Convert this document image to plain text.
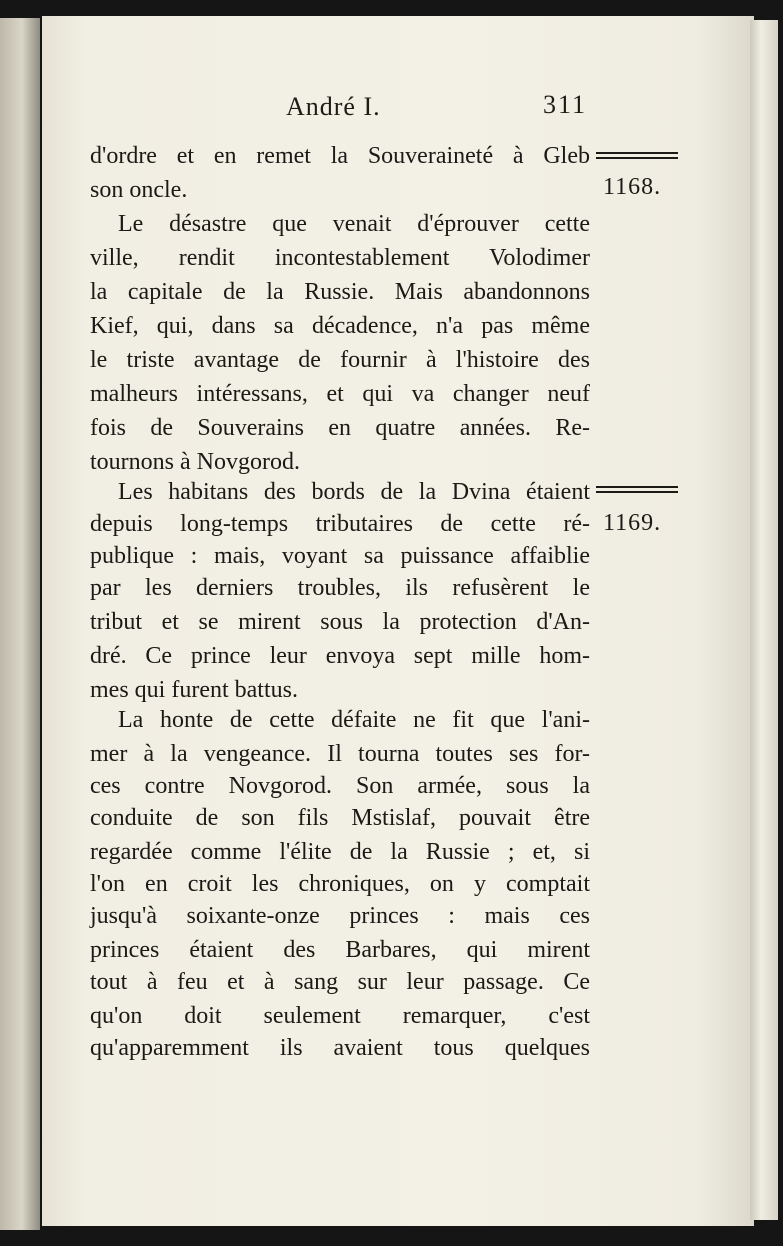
André I.	311
d'ordre et en remet la Souveraineté à Gleb
son oncle.
Le désastre que venait d'éprouver cette
ville, rendit incontestablement Volodimer
la capitale de la Russie. Mais abandonnons
Kief, qui, dans sa décadence, n'a pas même
le triste avantage de fournir à l'histoire des
malheurs intéressans, et qui va changer neuf
fois de Souverains en quatre années. Re-
tournons à Novgorod.
Les habitans des bords de la Dvina étaient
depuis long-temps tributaires de cette ré-
publique : mais, voyant sa puissance affaiblie
par les derniers troubles, ils refusèrent le
tribut et se mirent sous la protection d'An-
dré. Ce prince leur envoya sept mille hom-
mes qui furent battus.
La honte de cette défaite ne fit que l'ani-
mer à la vengeance. Il tourna toutes ses for-
ces contre Novgorod. Son armée, sous la
conduite de son fils Mstislaf, pouvait être
regardée comme l'élite de la Russie ; et, si
l'on en croit les chroniques, on y comptait
jusqu'à soixante-onze princes : mais ces
princes étaient des Barbares, qui mirent
tout à feu et à sang sur leur passage. Ce
qu'on doit seulement remarquer, c'est
qu'apparemment ils avaient tous quelques
1168.
1169.
